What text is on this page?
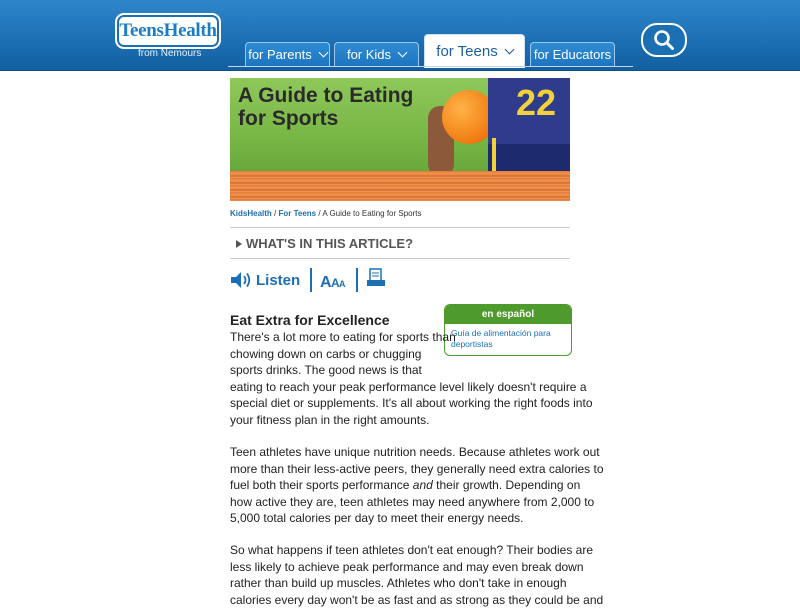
TeensHealth
from Nemours	for Parents	for Kids	for Teens	for Educators
22
A Guide to Eating
for Sports
KidsHealth / For Teens / A Guide to Eating for Sports
WHAT'S IN THIS ARTICLE?
Listen A A A
en español
Guía de alimentación para deportistas
Eat Extra for Excellence
There's a lot more to eating for sports than
chowing down on carbs or chugging
sports drinks. The good news is that
eating to reach your peak performance level likely doesn't require a
special diet or supplements. It's all about working the right foods into
your fitness plan in the right amounts.
Teen athletes have unique nutrition needs. Because athletes work out
more than their less-active peers, they generally need extra calories to
fuel both their sports performance and their growth. Depending on
how active they are, teen athletes may need anywhere from 2,000 to
5,000 total calories per day to meet their energy needs.
So what happens if teen athletes don't eat enough? Their bodies are
less likely to achieve peak performance and may even break down
rather than build up muscles. Athletes who don't take in enough
calories every day won't be as fast and as strong as they could be and
